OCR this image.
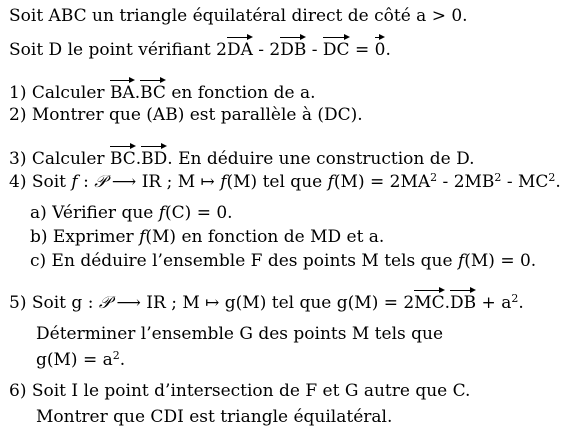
Soit ABC un triangle équilatéral direct de côté a > 0.
Soit D le point vérifiant 2DA - 2DB - DC = 0.
1) Calculer BA.BC en fonction de a.
2) Montrer que (AB) est parallèle à (DC).
3) Calculer BC.BD. En déduire une construction de D.
4) Soit f : 𝒫 ⟶ IR ; M ↦ f(M) tel que $f(M) = 2MA^2 - 2MB^2 - MC^2$.
a) Vérifier que f(C) = 0.
b) Exprimer f(M) en fonction de MD et a.
c) En déduire l’ensemble F des points M tels que f(M) = 0.
5) Soit g : 𝒫 ⟶ IR ; M ↦ g(M) tel que $g(M) = 2MC.DB + a^2$.
Déterminer l’ensemble G des points M tels que
$g(M) = a^2$.
6) Soit I le point d’intersection de F et G autre que C.
Montrer que CDI est triangle équilatéral.
